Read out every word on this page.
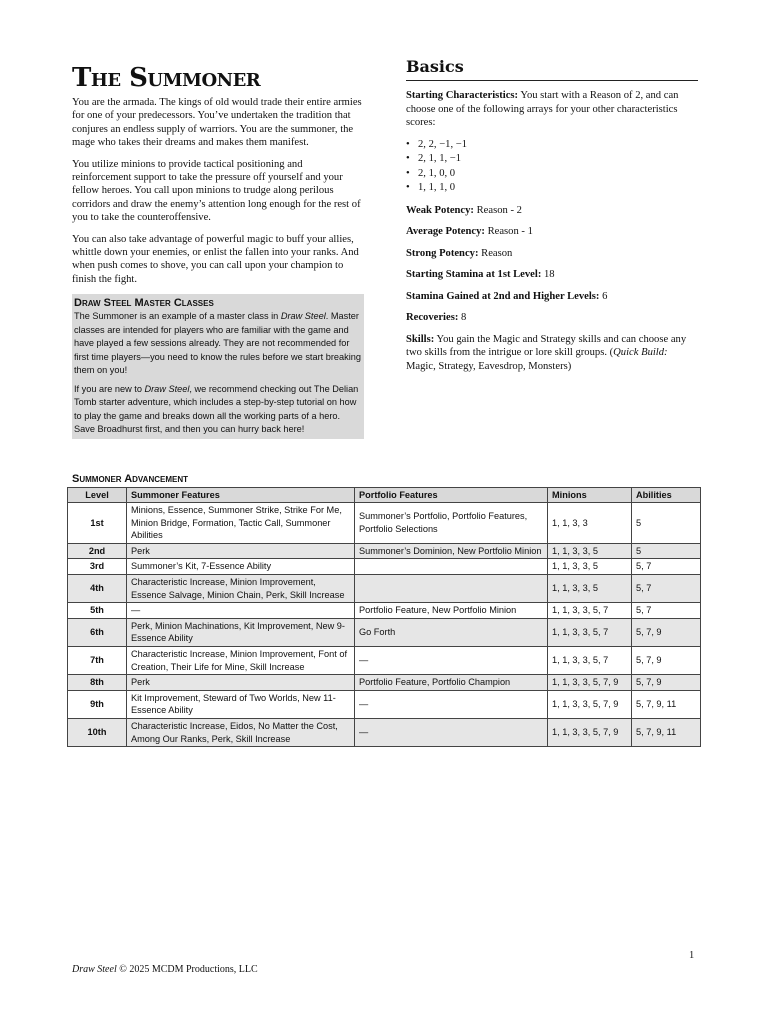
The Summoner

You are the armada. The kings of old would trade their entire armies for one of your predecessors. You’ve undertaken the tradition that conjures an endless supply of warriors. You are the summoner, the mage who takes their dreams and makes them manifest.

You utilize minions to provide tactical positioning and reinforcement support to take the pressure off yourself and your fellow heroes. You call upon minions to trudge along perilous corridors and draw the enemy’s attention long enough for the rest of you to take the counteroffensive.

You can also take advantage of powerful magic to buff your allies, whittle down your enemies, or enlist the fallen into your ranks. And when push comes to shove, you can call upon your champion to finish the fight.

Draw Steel Master Classes

The Summoner is an example of a master class in Draw Steel. Master classes are intended for players who are familiar with the game and have played a few sessions already. They are not recommended for first time players—you need to know the rules before we start breaking them on you!

If you are new to Draw Steel, we recommend checking out The Delian Tomb starter adventure, which includes a step-by-step tutorial on how to play the game and breaks down all the working parts of a hero. Save Broadhurst first, and then you can hurry back here!

Basics

Starting Characteristics: You start with a Reason of 2, and can choose one of the following arrays for your other characteristics scores:

• 2, 2, −1, −1
• 2, 1, 1, −1
• 2, 1, 0, 0
• 1, 1, 1, 0

Weak Potency: Reason - 2

Average Potency: Reason - 1

Strong Potency: Reason

Starting Stamina at 1st Level: 18

Stamina Gained at 2nd and Higher Levels: 6

Recoveries: 8

Skills: You gain the Magic and Strategy skills and can choose any two skills from the intrigue or lore skill groups. (Quick Build: Magic, Strategy, Eavesdrop, Monsters)

Summoner Advancement
Level	Summoner Features	Portfolio Features	Minions	Abilities
1st	Minions, Essence, Summoner Strike, Strike For Me, Minion Bridge, Formation, Tactic Call, Summoner Abilities	Summoner’s Portfolio, Portfolio Features, Portfolio Selections	1, 1, 3, 3	5
2nd	Perk	Summoner’s Dominion, New Portfolio Minion	1, 1, 3, 3, 5	5
3rd	Summoner’s Kit, 7-Essence Ability		1, 1, 3, 3, 5	5, 7
4th	Characteristic Increase, Minion Improvement, Essence Salvage, Minion Chain, Perk, Skill Increase		1, 1, 3, 3, 5	5, 7
5th	—	Portfolio Feature, New Portfolio Minion	1, 1, 3, 3, 5, 7	5, 7
6th	Perk, Minion Machinations, Kit Improvement, New 9-Essence Ability	Go Forth	1, 1, 3, 3, 5, 7	5, 7, 9
7th	Characteristic Increase, Minion Improvement, Font of Creation, Their Life for Mine, Skill Increase	—	1, 1, 3, 3, 5, 7	5, 7, 9
8th	Perk	Portfolio Feature, Portfolio Champion	1, 1, 3, 3, 5, 7, 9	5, 7, 9
9th	Kit Improvement, Steward of Two Worlds, New 11-Essence Ability	—	1, 1, 3, 3, 5, 7, 9	5, 7, 9, 11
10th	Characteristic Increase, Eidos, No Matter the Cost, Among Our Ranks, Perk, Skill Increase	—	1, 1, 3, 3, 5, 7, 9	5, 7, 9, 11
1
Draw Steel © 2025 MCDM Productions, LLC
